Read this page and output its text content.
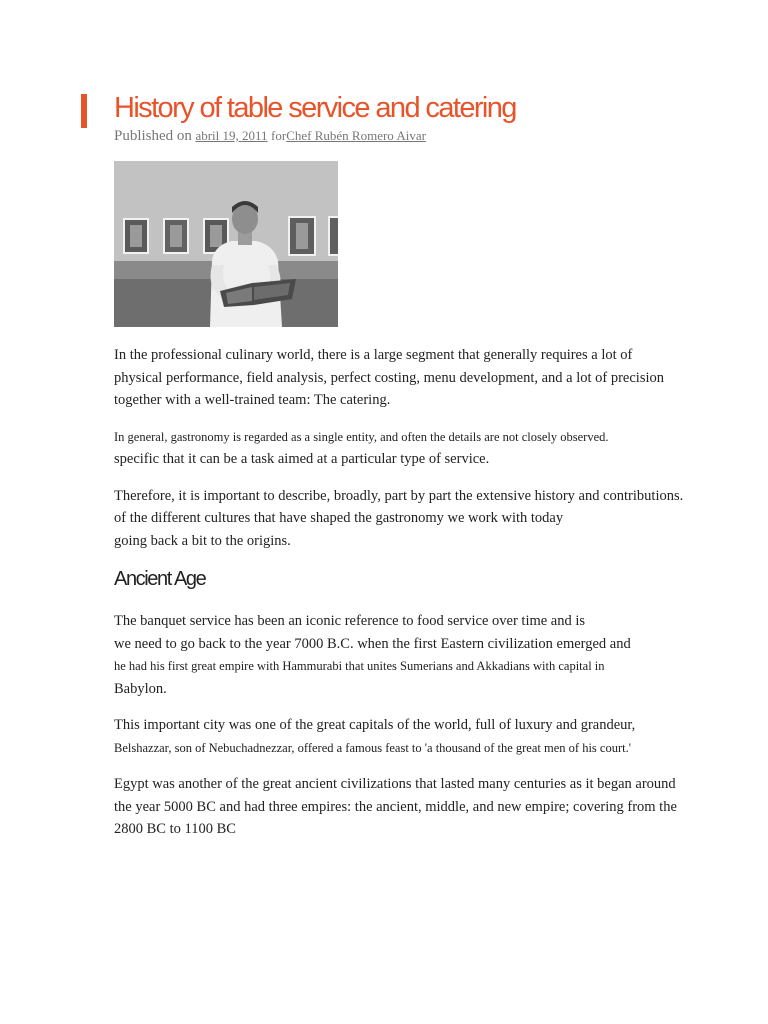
History of table service and catering
Published on abril 19, 2011 forChef Rubén Romero Aivar

In the professional culinary world, there is a large segment that generally requires a lot of

physical performance, field analysis, perfect costing, menu development, and a lot of precision

together with a well-trained team: The catering.

In general, gastronomy is regarded as a single entity, and often the details are not closely observed.

specific that it can be a task aimed at a particular type of service.

Therefore, it is important to describe, broadly, part by part the extensive history and contributions.

of the different cultures that have shaped the gastronomy we work with today

going back a bit to the origins.

Ancient Age

The banquet service has been an iconic reference to food service over time and is

we need to go back to the year 7000 B.C. when the first Eastern civilization emerged and

he had his first great empire with Hammurabi that unites Sumerians and Akkadians with capital in

Babylon.

This important city was one of the great capitals of the world, full of luxury and grandeur,

Belshazzar, son of Nebuchadnezzar, offered a famous feast to 'a thousand of the great men of his court.'

Egypt was another of the great ancient civilizations that lasted many centuries as it began around

the year 5000 BC and had three empires: the ancient, middle, and new empire; covering from the

2800 BC to 1100 BC
